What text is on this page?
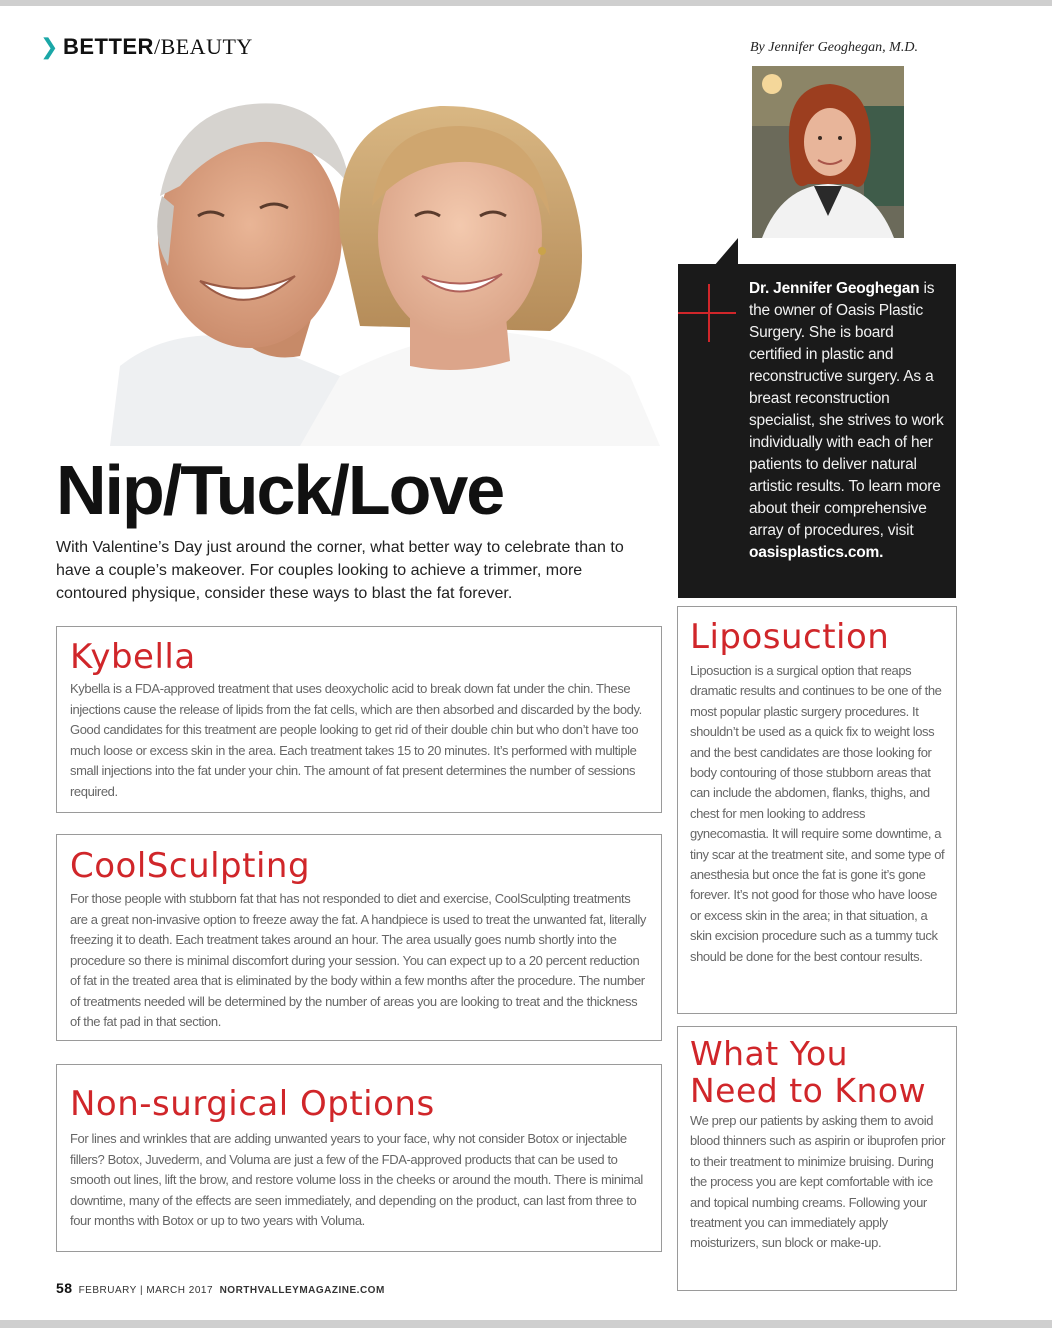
❯ BETTER/BEAUTY	By Jennifer Geoghegan, M.D.
Dr. Jennifer Geoghegan is the owner of Oasis Plastic Surgery. She is board certified in plastic and reconstructive surgery. As a breast reconstruction specialist, she strives to work individually with each of her patients to deliver natural artistic results. To learn more about their comprehensive array of procedures, visit oasisplastics.com.
Nip/Tuck/Love
With Valentine’s Day just around the corner, what better way to celebrate than to have a couple’s makeover. For couples looking to achieve a trimmer, more contoured physique, consider these ways to blast the fat forever.
Kybella

Kybella is a FDA-approved treatment that uses deoxycholic acid to break down fat under the chin. These injections cause the release of lipids from the fat cells, which are then absorbed and discarded by the body. Good candidates for this treatment are people looking to get rid of their double chin but who don’t have too much loose or excess skin in the area. Each treatment takes 15 to 20 minutes. It’s performed with multiple small injections into the fat under your chin. The amount of fat present determines the number of sessions required.

CoolSculpting

For those people with stubborn fat that has not responded to diet and exercise, CoolSculpting treatments are a great non-invasive option to freeze away the fat. A handpiece is used to treat the unwanted fat, literally freezing it to death. Each treatment takes around an hour. The area usually goes numb shortly into the procedure so there is minimal discomfort during your session. You can expect up to a 20 percent reduction of fat in the treated area that is eliminated by the body within a few months after the procedure. The number of treatments needed will be determined by the number of areas you are looking to treat and the thickness of the fat pad in that section.

Non-surgical Options

For lines and wrinkles that are adding unwanted years to your face, why not consider Botox or injectable fillers? Botox, Juvederm, and Voluma are just a few of the FDA-approved products that can be used to smooth out lines, lift the brow, and restore volume loss in the cheeks or around the mouth. There is minimal downtime, many of the effects are seen immediately, and depending on the product, can last from three to four months with Botox or up to two years with Voluma.

Liposuction

Liposuction is a surgical option that reaps dramatic results and continues to be one of the most popular plastic surgery procedures. It shouldn’t be used as a quick fix to weight loss and the best candidates are those looking for body contouring of those stubborn areas that can include the abdomen, flanks, thighs, and chest for men looking to address gynecomastia. It will require some downtime, a tiny scar at the treatment site, and some type of anesthesia but once the fat is gone it’s gone forever. It’s not good for those who have loose or excess skin in the area; in that situation, a skin excision procedure such as a tummy tuck should be done for the best contour results.

What You
Need to Know

We prep our patients by asking them to avoid blood thinners such as aspirin or ibuprofen prior to their treatment to minimize bruising. During the process you are kept comfortable with ice and topical numbing creams. Following your treatment you can immediately apply moisturizers, sun block or make-up.

58 FEBRUARY | MARCH 2017 NORTHVALLEYMAGAZINE.COM
